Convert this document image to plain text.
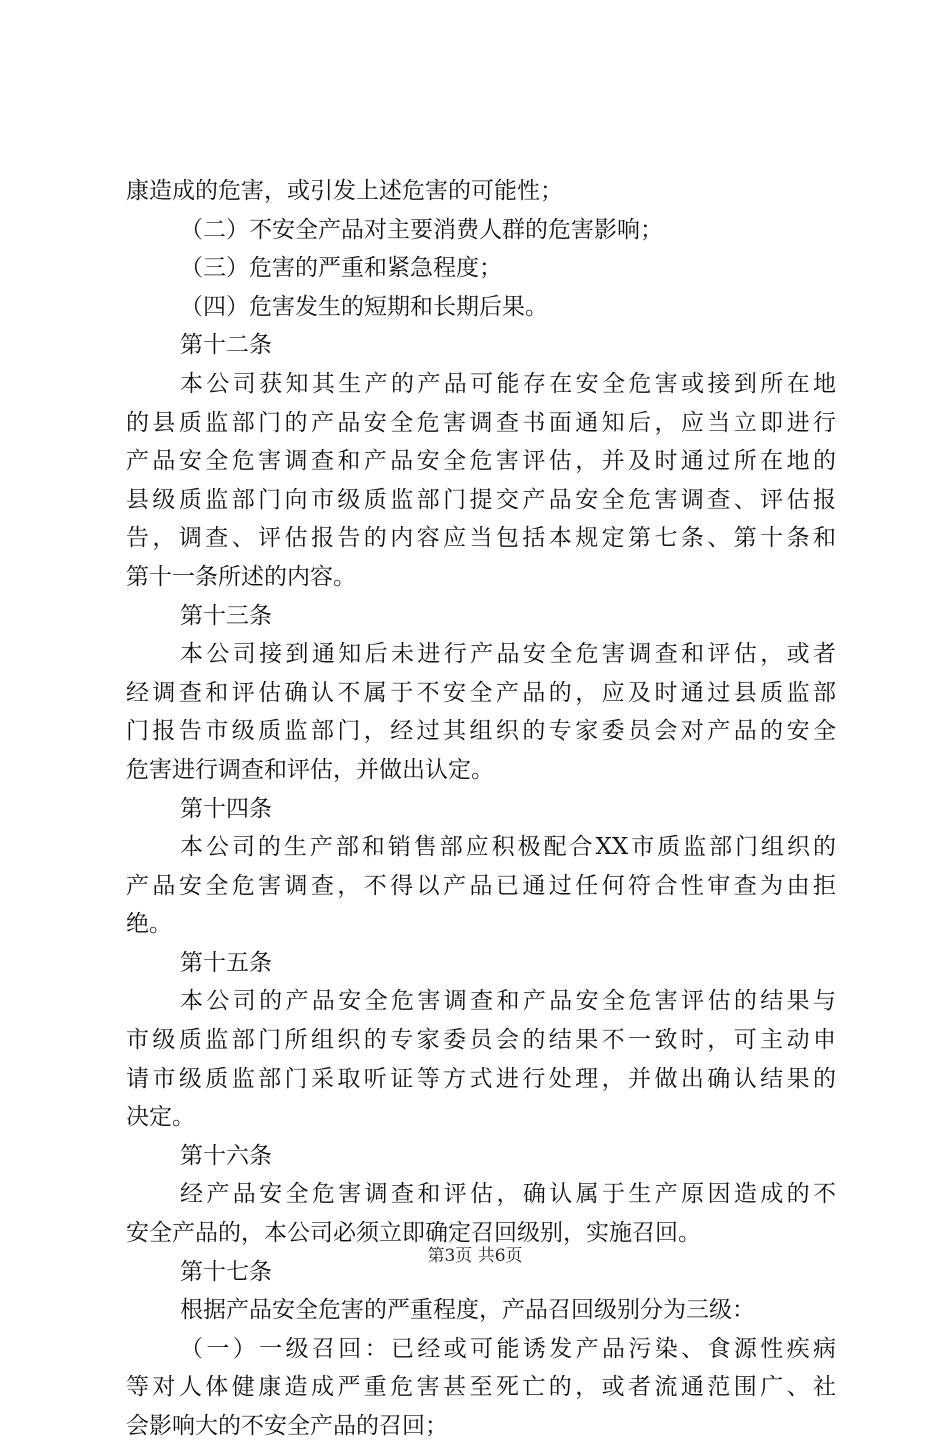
康造成的危害，或引发上述危害的可能性；
（二）不安全产品对主要消费人群的危害影响；
（三）危害的严重和紧急程度；
（四）危害发生的短期和长期后果。
第十二条
本公司获知其生产的产品可能存在安全危害或接到所在地
的县质监部门的产品安全危害调查书面通知后，应当立即进行
产品安全危害调查和产品安全危害评估，并及时通过所在地的
县级质监部门向市级质监部门提交产品安全危害调查、评估报
告，调查、评估报告的内容应当包括本规定第七条、第十条和
第十一条所述的内容。
第十三条
本公司接到通知后未进行产品安全危害调查和评估，或者
经调查和评估确认不属于不安全产品的，应及时通过县质监部
门报告市级质监部门，经过其组织的专家委员会对产品的安全
危害进行调查和评估，并做出认定。
第十四条
本公司的生产部和销售部应积极配合XX市质监部门组织的
产品安全危害调查，不得以产品已通过任何符合性审查为由拒
绝。
第十五条
本公司的产品安全危害调查和产品安全危害评估的结果与
市级质监部门所组织的专家委员会的结果不一致时，可主动申
请市级质监部门采取听证等方式进行处理，并做出确认结果的
决定。
第十六条
经产品安全危害调查和评估，确认属于生产原因造成的不
安全产品的，本公司必须立即确定召回级别，实施召回。
第十七条
根据产品安全危害的严重程度，产品召回级别分为三级：
（一）一级召回：已经或可能诱发产品污染、食源性疾病
等对人体健康造成严重危害甚至死亡的，或者流通范围广、社
会影响大的不安全产品的召回；
第3页 共6页
